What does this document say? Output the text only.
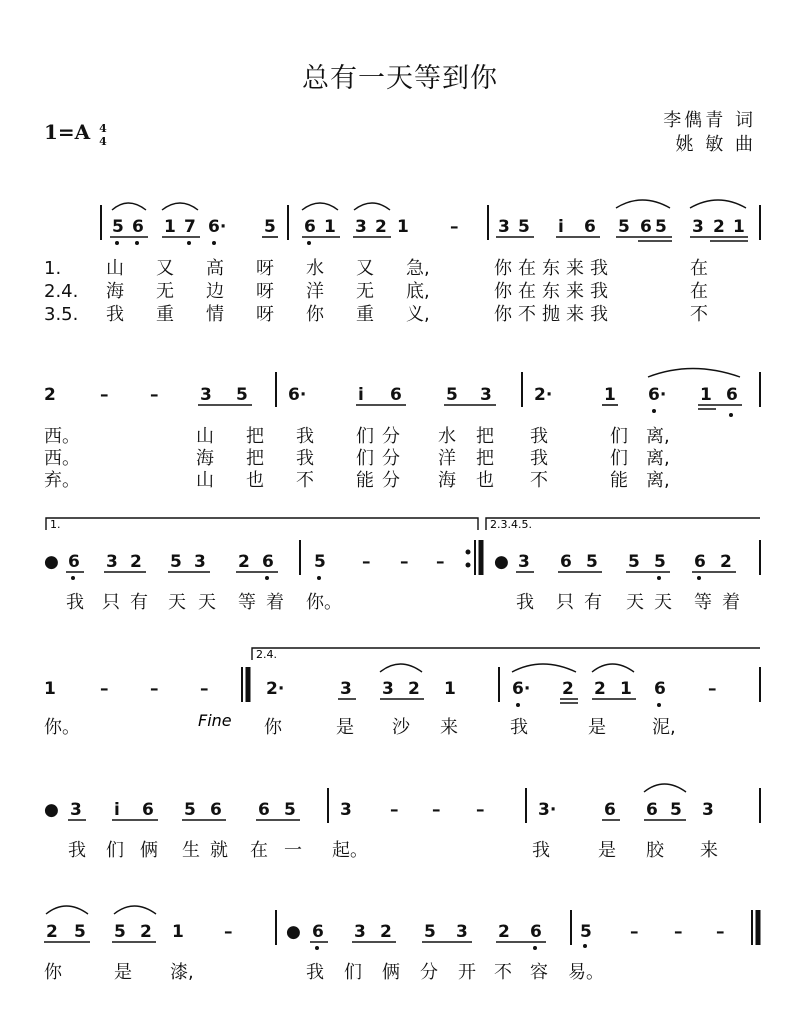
总有一天等到你
1=A 4
4
李儁青 词
姚 敏 曲
1.	2.3.4.5.
2.4.
5 6 1 7 6· 5 6 1 3 2 1 – 3 5 i 6 5 6 5 3 2 1
2	– – 3 5 6·	i 6	5 3 2·	1 6· 1 6
● 6 3 2 5 3 2 6 5 – – –	● 3 6 5 5 5 6 2
1	– – –	2·	3 3 2 1	6· 2 2 1 6 –
● 3 i 6 5 6 6 5	3 – – –	3·	6 6 5 3
2 5 5 2 1 –	● 6 3 2 5 3 2 6 5 – – –
1.
2.4.
3.5.
山 又 高 呀 水 又 急,	你 在 东 来 我	在
海 无 边 呀 洋 无 底,	你 在 东 来 我	在
我 重 情 呀 你 重 义,	你 不 抛 来 我	不
西。	山 把 我 们 分 水 把 我	们 离,
西。	海 把 我 们 分 洋 把 我	们 离,
弃。	山 也 不 能 分 海 也 不	能 离,
我 只 有 天 天 等 着 你。	我 只 有 天 天 等 着
Fine
你。	你	是 沙 来	我	是	泥,
我 们 俩 生 就 在 一 起。	我	是 胶 来
你	是 漆,	我 们 俩 分 开 不 容 易。
